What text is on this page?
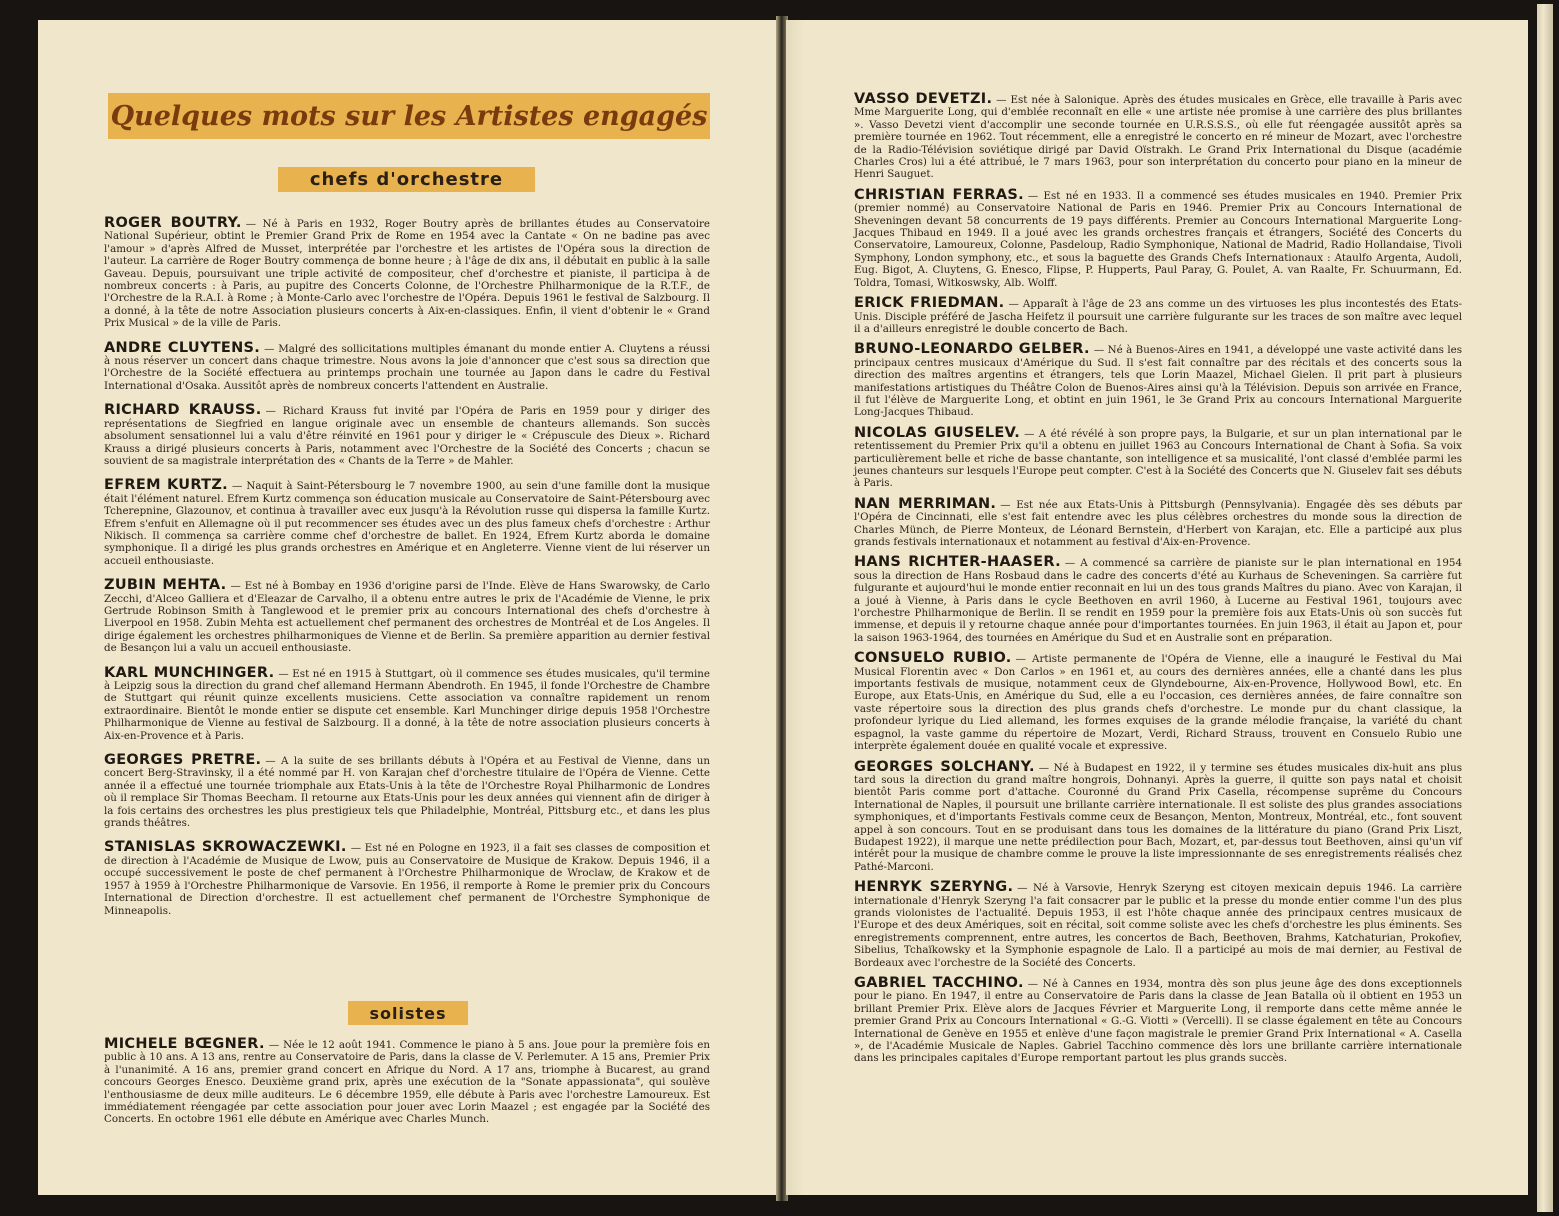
Quelques mots sur les Artistes engagés
chefs d'orchestre

ROGER BOUTRY. — Né à Paris en 1932, Roger Boutry après de brillantes études au Conservatoire National Supérieur, obtint le Premier Grand Prix de Rome en 1954 avec la Cantate « On ne badine pas avec l'amour » d'après Alfred de Musset, interprétée par l'orchestre et les artistes de l'Opéra sous la direction de l'auteur. La carrière de Roger Boutry commença de bonne heure ; à l'âge de dix ans, il débutait en public à la salle Gaveau. Depuis, poursuivant une triple activité de compositeur, chef d'orchestre et pianiste, il participa à de nombreux concerts : à Paris, au pupitre des Concerts Colonne, de l'Orchestre Philharmonique de la R.T.F., de l'Orchestre de la R.A.I. à Rome ; à Monte-Carlo avec l'orchestre de l'Opéra. Depuis 1961 le festival de Salzbourg. Il a donné, à la tête de notre Association plusieurs concerts à Aix-en-classiques. Enfin, il vient d'obtenir le « Grand Prix Musical » de la ville de Paris.

ANDRE CLUYTENS. — Malgré des sollicitations multiples émanant du monde entier A. Cluytens a réussi à nous réserver un concert dans chaque trimestre. Nous avons la joie d'annoncer que c'est sous sa direction que l'Orchestre de la Société effectuera au printemps prochain une tournée au Japon dans le cadre du Festival International d'Osaka. Aussitôt après de nombreux concerts l'attendent en Australie.

RICHARD KRAUSS. — Richard Krauss fut invité par l'Opéra de Paris en 1959 pour y diriger des représentations de Siegfried en langue originale avec un ensemble de chanteurs allemands. Son succès absolument sensationnel lui a valu d'être réinvité en 1961 pour y diriger le « Crépuscule des Dieux ». Richard Krauss a dirigé plusieurs concerts à Paris, notamment avec l'Orchestre de la Société des Concerts ; chacun se souvient de sa magistrale interprétation des « Chants de la Terre » de Mahler.

EFREM KURTZ. — Naquit à Saint-Pétersbourg le 7 novembre 1900, au sein d'une famille dont la musique était l'élément naturel. Efrem Kurtz commença son éducation musicale au Conservatoire de Saint-Pétersbourg avec Tcherepnine, Glazounov, et continua à travailler avec eux jusqu'à la Révolution russe qui dispersa la famille Kurtz. Efrem s'enfuit en Allemagne où il put recommencer ses études avec un des plus fameux chefs d'orchestre : Arthur Nikisch. Il commença sa carrière comme chef d'orchestre de ballet. En 1924, Efrem Kurtz aborda le domaine symphonique. Il a dirigé les plus grands orchestres en Amérique et en Angleterre. Vienne vient de lui réserver un accueil enthousiaste.

ZUBIN MEHTA. — Est né à Bombay en 1936 d'origine parsi de l'Inde. Elève de Hans Swarowsky, de Carlo Zecchi, d'Alceo Galliera et d'Eleazar de Carvalho, il a obtenu entre autres le prix de l'Académie de Vienne, le prix Gertrude Robinson Smith à Tanglewood et le premier prix au concours International des chefs d'orchestre à Liverpool en 1958. Zubin Mehta est actuellement chef permanent des orchestres de Montréal et de Los Angeles. Il dirige également les orchestres philharmoniques de Vienne et de Berlin. Sa première apparition au dernier festival de Besançon lui a valu un accueil enthousiaste.

KARL MUNCHINGER. — Est né en 1915 à Stuttgart, où il commence ses études musicales, qu'il termine à Leipzig sous la direction du grand chef allemand Hermann Abendroth. En 1945, il fonde l'Orchestre de Chambre de Stuttgart qui réunit quinze excellents musiciens. Cette association va connaître rapidement un renom extraordinaire. Bientôt le monde entier se dispute cet ensemble. Karl Munchinger dirige depuis 1958 l'Orchestre Philharmonique de Vienne au festival de Salzbourg. Il a donné, à la tête de notre association plusieurs concerts à Aix-en-Provence et à Paris.

GEORGES PRETRE. — A la suite de ses brillants débuts à l'Opéra et au Festival de Vienne, dans un concert Berg-Stravinsky, il a été nommé par H. von Karajan chef d'orchestre titulaire de l'Opéra de Vienne. Cette année il a effectué une tournée triomphale aux Etats-Unis à la tête de l'Orchestre Royal Philharmonic de Londres où il remplace Sir Thomas Beecham. Il retourne aux Etats-Unis pour les deux années qui viennent afin de diriger à la fois certains des orchestres les plus prestigieux tels que Philadelphie, Montréal, Pittsburg etc., et dans les plus grands théâtres.

STANISLAS SKROWACZEWKI. — Est né en Pologne en 1923, il a fait ses classes de composition et de direction à l'Académie de Musique de Lwow, puis au Conservatoire de Musique de Krakow. Depuis 1946, il a occupé successivement le poste de chef permanent à l'Orchestre Philharmonique de Wroclaw, de Krakow et de 1957 à 1959 à l'Orchestre Philharmonique de Varsovie. En 1956, il remporte à Rome le premier prix du Concours International de Direction d'orchestre. Il est actuellement chef permanent de l'Orchestre Symphonique de Minneapolis.

solistes

MICHELE BŒGNER. — Née le 12 août 1941. Commence le piano à 5 ans. Joue pour la première fois en public à 10 ans. A 13 ans, rentre au Conservatoire de Paris, dans la classe de V. Perlemuter. A 15 ans, Premier Prix à l'unanimité. A 16 ans, premier grand concert en Afrique du Nord. A 17 ans, triomphe à Bucarest, au grand concours Georges Enesco. Deuxième grand prix, après une exécution de la "Sonate appassionata", qui soulève l'enthousiasme de deux mille auditeurs. Le 6 décembre 1959, elle débute à Paris avec l'orchestre Lamoureux. Est immédiatement réengagée par cette association pour jouer avec Lorin Maazel ; est engagée par la Société des Concerts. En octobre 1961 elle débute en Amérique avec Charles Munch.

VASSO DEVETZI. — Est née à Salonique. Après des études musicales en Grèce, elle travaille à Paris avec Mme Marguerite Long, qui d'emblée reconnaît en elle « une artiste née promise à une carrière des plus brillantes ». Vasso Devetzi vient d'accomplir une seconde tournée en U.R.S.S.S., où elle fut réengagée aussitôt après sa première tournée en 1962. Tout récemment, elle a enregistré le concerto en ré mineur de Mozart, avec l'orchestre de la Radio-Télévision soviétique dirigé par David Oïstrakh. Le Grand Prix International du Disque (académie Charles Cros) lui a été attribué, le 7 mars 1963, pour son interprétation du concerto pour piano en la mineur de Henri Sauguet.

CHRISTIAN FERRAS. — Est né en 1933. Il a commencé ses études musicales en 1940. Premier Prix (premier nommé) au Conservatoire National de Paris en 1946. Premier Prix au Concours International de Sheveningen devant 58 concurrents de 19 pays différents. Premier au Concours International Marguerite Long-Jacques Thibaud en 1949. Il a joué avec les grands orchestres français et étrangers, Société des Concerts du Conservatoire, Lamoureux, Colonne, Pasdeloup, Radio Symphonique, National de Madrid, Radio Hollandaise, Tivoli Symphony, London symphony, etc., et sous la baguette des Grands Chefs Internationaux : Ataulfo Argenta, Audoli, Eug. Bigot, A. Cluytens, G. Enesco, Flipse, P. Hupperts, Paul Paray, G. Poulet, A. van Raalte, Fr. Schuurmann, Ed. Toldra, Tomasi, Witkoswsky, Alb. Wolff.

ERICK FRIEDMAN. — Apparaît à l'âge de 23 ans comme un des virtuoses les plus incontestés des Etats-Unis. Disciple préféré de Jascha Heifetz il poursuit une carrière fulgurante sur les traces de son maître avec lequel il a d'ailleurs enregistré le double concerto de Bach.

BRUNO-LEONARDO GELBER. — Né à Buenos-Aires en 1941, a développé une vaste activité dans les principaux centres musicaux d'Amérique du Sud. Il s'est fait connaître par des récitals et des concerts sous la direction des maîtres argentins et étrangers, tels que Lorin Maazel, Michael Gielen. Il prit part à plusieurs manifestations artistiques du Théâtre Colon de Buenos-Aires ainsi qu'à la Télévision. Depuis son arrivée en France, il fut l'élève de Marguerite Long, et obtint en juin 1961, le 3e Grand Prix au concours International Marguerite Long-Jacques Thibaud.

NICOLAS GIUSELEV. — A été révélé à son propre pays, la Bulgarie, et sur un plan international par le retentissement du Premier Prix qu'il a obtenu en juillet 1963 au Concours International de Chant à Sofia. Sa voix particulièrement belle et riche de basse chantante, son intelligence et sa musicalité, l'ont classé d'emblée parmi les jeunes chanteurs sur lesquels l'Europe peut compter. C'est à la Société des Concerts que N. Giuselev fait ses débuts à Paris.

NAN MERRIMAN. — Est née aux Etats-Unis à Pittsburgh (Pennsylvania). Engagée dès ses débuts par l'Opéra de Cincinnati, elle s'est fait entendre avec les plus célèbres orchestres du monde sous la direction de Charles Münch, de Pierre Monteux, de Léonard Bernstein, d'Herbert von Karajan, etc. Elle a participé aux plus grands festivals internationaux et notamment au festival d'Aix-en-Provence.

HANS RICHTER-HAASER. — A commencé sa carrière de pianiste sur le plan international en 1954 sous la direction de Hans Rosbaud dans le cadre des concerts d'été au Kurhaus de Scheveningen. Sa carrière fut fulgurante et aujourd'hui le monde entier reconnait en lui un des tous grands Maîtres du piano. Avec von Karajan, il a joué à Vienne, à Paris dans le cycle Beethoven en avril 1960, à Lucerne au Festival 1961, toujours avec l'orchestre Philharmonique de Berlin. Il se rendit en 1959 pour la première fois aux Etats-Unis où son succès fut immense, et depuis il y retourne chaque année pour d'importantes tournées. En juin 1963, il était au Japon et, pour la saison 1963-1964, des tournées en Amérique du Sud et en Australie sont en préparation.

CONSUELO RUBIO. — Artiste permanente de l'Opéra de Vienne, elle a inauguré le Festival du Mai Musical Florentin avec « Don Carlos » en 1961 et, au cours des dernières années, elle a chanté dans les plus importants festivals de musique, notamment ceux de Glyndebourne, Aix-en-Provence, Hollywood Bowl, etc. En Europe, aux Etats-Unis, en Amérique du Sud, elle a eu l'occasion, ces dernières années, de faire connaître son vaste répertoire sous la direction des plus grands chefs d'orchestre. Le monde pur du chant classique, la profondeur lyrique du Lied allemand, les formes exquises de la grande mélodie française, la variété du chant espagnol, la vaste gamme du répertoire de Mozart, Verdi, Richard Strauss, trouvent en Consuelo Rubio une interprète également douée en qualité vocale et expressive.

GEORGES SOLCHANY. — Né à Budapest en 1922, il y termine ses études musicales dix-huit ans plus tard sous la direction du grand maître hongrois, Dohnanyi. Après la guerre, il quitte son pays natal et choisit bientôt Paris comme port d'attache. Couronné du Grand Prix Casella, récompense suprême du Concours International de Naples, il poursuit une brillante carrière internationale. Il est soliste des plus grandes associations symphoniques, et d'importants Festivals comme ceux de Besançon, Menton, Montreux, Montréal, etc., font souvent appel à son concours. Tout en se produisant dans tous les domaines de la littérature du piano (Grand Prix Liszt, Budapest 1922), il marque une nette prédilection pour Bach, Mozart, et, par-dessus tout Beethoven, ainsi qu'un vif intérêt pour la musique de chambre comme le prouve la liste impressionnante de ses enregistrements réalisés chez Pathé-Marconi.

HENRYK SZERYNG. — Né à Varsovie, Henryk Szeryng est citoyen mexicain depuis 1946. La carrière internationale d'Henryk Szeryng l'a fait consacrer par le public et la presse du monde entier comme l'un des plus grands violonistes de l'actualité. Depuis 1953, il est l'hôte chaque année des principaux centres musicaux de l'Europe et des deux Amériques, soit en récital, soit comme soliste avec les chefs d'orchestre les plus éminents. Ses enregistrements comprennent, entre autres, les concertos de Bach, Beethoven, Brahms, Katchaturian, Prokofiev, Sibelius, Tchaïkowsky et la Symphonie espagnole de Lalo. Il a participé au mois de mai dernier, au Festival de Bordeaux avec l'orchestre de la Société des Concerts.

GABRIEL TACCHINO. — Né à Cannes en 1934, montra dès son plus jeune âge des dons exceptionnels pour le piano. En 1947, il entre au Conservatoire de Paris dans la classe de Jean Batalla où il obtient en 1953 un brillant Premier Prix. Elève alors de Jacques Février et Marguerite Long, il remporte dans cette même année le premier Grand Prix au Concours International « G.-G. Viotti » (Vercelli). Il se classe également en tête au Concours International de Genève en 1955 et enlève d'une façon magistrale le premier Grand Prix International « A. Casella », de l'Académie Musicale de Naples. Gabriel Tacchino commence dès lors une brillante carrière internationale dans les principales capitales d'Europe remportant partout les plus grands succès.
